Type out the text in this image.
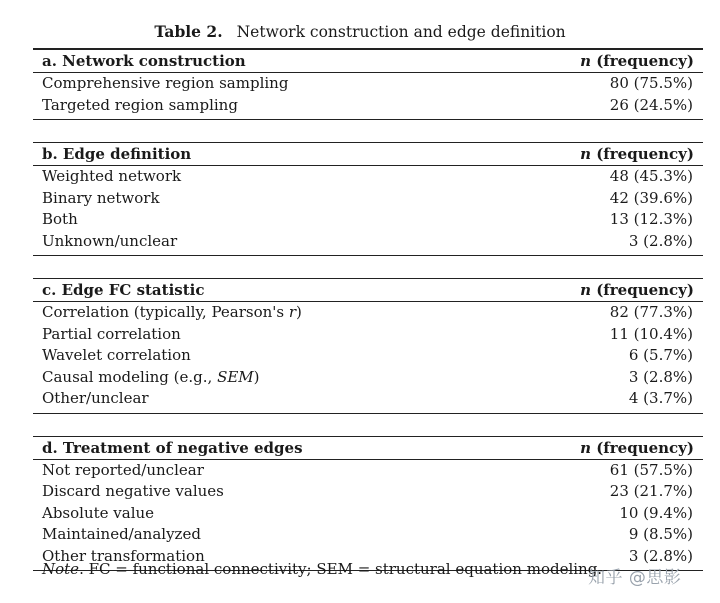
Table 2. Network construction and edge definition
a. Network construction	n (frequency)
Comprehensive region sampling	80 (75.5%)
Targeted region sampling	26 (24.5%)
b. Edge definition	n (frequency)
Weighted network	48 (45.3%)
Binary network	42 (39.6%)
Both	13 (12.3%)
Unknown/unclear	3 (2.8%)
c. Edge FC statistic	n (frequency)
Correlation (typically, Pearson's r)	82 (77.3%)
Partial correlation	11 (10.4%)
Wavelet correlation	6 (5.7%)
Causal modeling (e.g., SEM)	3 (2.8%)
Other/unclear	4 (3.7%)
d. Treatment of negative edges	n (frequency)
Not reported/unclear	61 (57.5%)
Discard negative values	23 (21.7%)
Absolute value	10 (9.4%)
Maintained/analyzed	9 (8.5%)
Other transformation	3 (2.8%)
Note. FC = functional connectivity; SEM = structural equation modeling.
知乎 @思影
